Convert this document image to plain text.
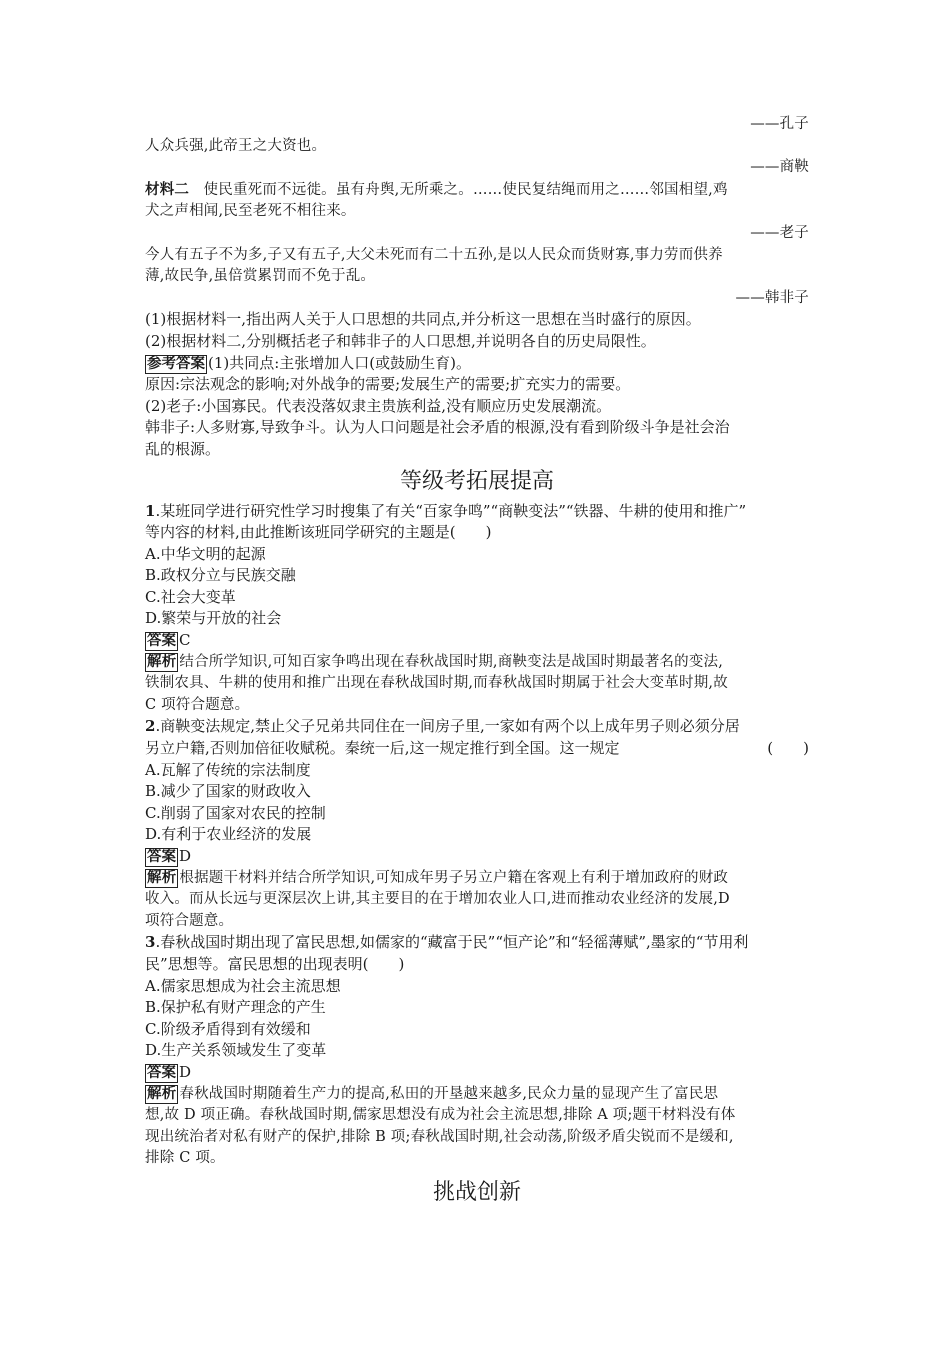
——孔子
人众兵强,此帝王之大资也。
——商鞅
材料二 使民重死而不远徙。虽有舟舆,无所乘之。……使民复结绳而用之……邻国相望,鸡
犬之声相闻,民至老死不相往来。
——老子
今人有五子不为多,子又有五子,大父未死而有二十五孙,是以人民众而货财寡,事力劳而供养
薄,故民争,虽倍赏累罚而不免于乱。
——韩非子
(1)根据材料一,指出两人关于人口思想的共同点,并分析这一思想在当时盛行的原因。
(2)根据材料二,分别概括老子和韩非子的人口思想,并说明各自的历史局限性。
参考答案 (1)共同点:主张增加人口(或鼓励生育)。
原因:宗法观念的影响;对外战争的需要;发展生产的需要;扩充实力的需要。
(2)老子:小国寡民。代表没落奴隶主贵族利益,没有顺应历史发展潮流。
韩非子:人多财寡,导致争斗。认为人口问题是社会矛盾的根源,没有看到阶级斗争是社会治
乱的根源。
等级考拓展提高
1.某班同学进行研究性学习时搜集了有关“百家争鸣”“商鞅变法”“铁器、牛耕的使用和推广”
等内容的材料,由此推断该班同学研究的主题是(　　)
A.中华文明的起源
B.政权分立与民族交融
C.社会大变革
D.繁荣与开放的社会
答案 C
解析 结合所学知识,可知百家争鸣出现在春秋战国时期,商鞅变法是战国时期最著名的变法,
铁制农具、牛耕的使用和推广出现在春秋战国时期,而春秋战国时期属于社会大变革时期,故
C 项符合题意。
2.商鞅变法规定,禁止父子兄弟共同住在一间房子里,一家如有两个以上成年男子则必须分居
另立户籍,否则加倍征收赋税。秦统一后,这一规定推行到全国。这一规定	(　　)
A.瓦解了传统的宗法制度
B.减少了国家的财政收入
C.削弱了国家对农民的控制
D.有利于农业经济的发展
答案 D
解析 根据题干材料并结合所学知识,可知成年男子另立户籍在客观上有利于增加政府的财政
收入。而从长远与更深层次上讲,其主要目的在于增加农业人口,进而推动农业经济的发展,D
项符合题意。
3.春秋战国时期出现了富民思想,如儒家的“藏富于民”“恒产论”和“轻徭薄赋”,墨家的“节用利
民”思想等。富民思想的出现表明(　　)
A.儒家思想成为社会主流思想
B.保护私有财产理念的产生
C.阶级矛盾得到有效缓和
D.生产关系领域发生了变革
答案 D
解析 春秋战国时期随着生产力的提高,私田的开垦越来越多,民众力量的显现产生了富民思
想,故 D 项正确。春秋战国时期,儒家思想没有成为社会主流思想,排除 A 项;题干材料没有体
现出统治者对私有财产的保护,排除 B 项;春秋战国时期,社会动荡,阶级矛盾尖锐而不是缓和,
排除 C 项。
挑战创新
